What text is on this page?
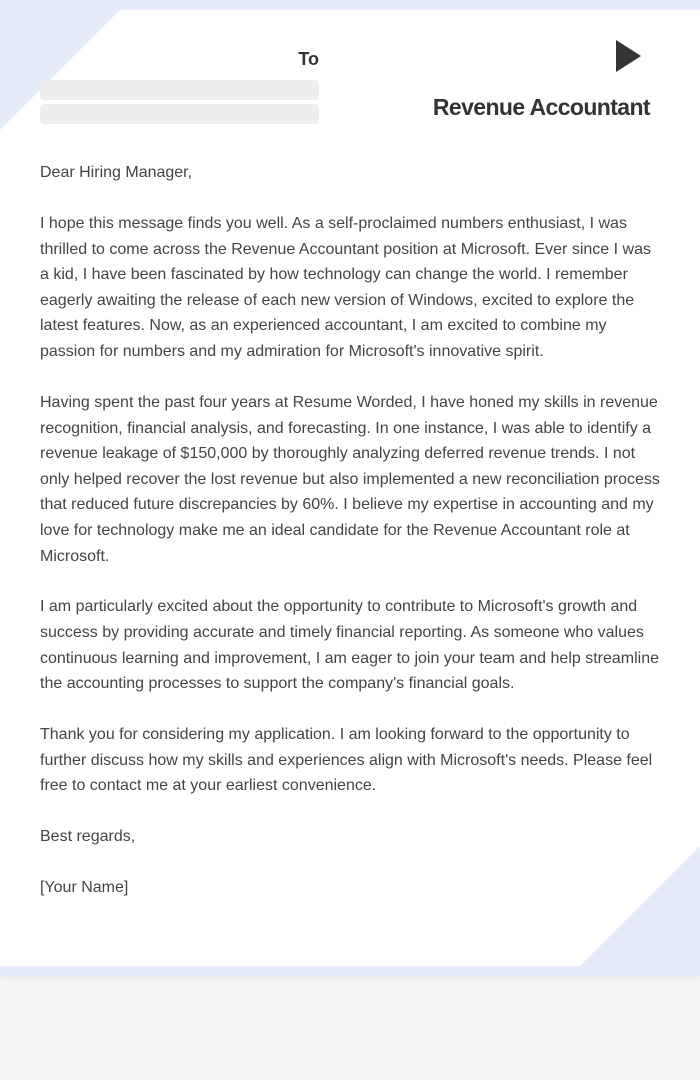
To
Revenue Accountant

Dear Hiring Manager,

I hope this message finds you well. As a self-proclaimed numbers enthusiast, I was thrilled to come across the Revenue Accountant position at Microsoft. Ever since I was a kid, I have been fascinated by how technology can change the world. I remember eagerly awaiting the release of each new version of Windows, excited to explore the latest features. Now, as an experienced accountant, I am excited to combine my passion for numbers and my admiration for Microsoft's innovative spirit.

Having spent the past four years at Resume Worded, I have honed my skills in revenue recognition, financial analysis, and forecasting. In one instance, I was able to identify a revenue leakage of $150,000 by thoroughly analyzing deferred revenue trends. I not only helped recover the lost revenue but also implemented a new reconciliation process that reduced future discrepancies by 60%. I believe my expertise in accounting and my love for technology make me an ideal candidate for the Revenue Accountant role at Microsoft.

I am particularly excited about the opportunity to contribute to Microsoft's growth and success by providing accurate and timely financial reporting. As someone who values continuous learning and improvement, I am eager to join your team and help streamline the accounting processes to support the company's financial goals.

Thank you for considering my application. I am looking forward to the opportunity to further discuss how my skills and experiences align with Microsoft's needs. Please feel free to contact me at your earliest convenience.

Best regards,

[Your Name]
